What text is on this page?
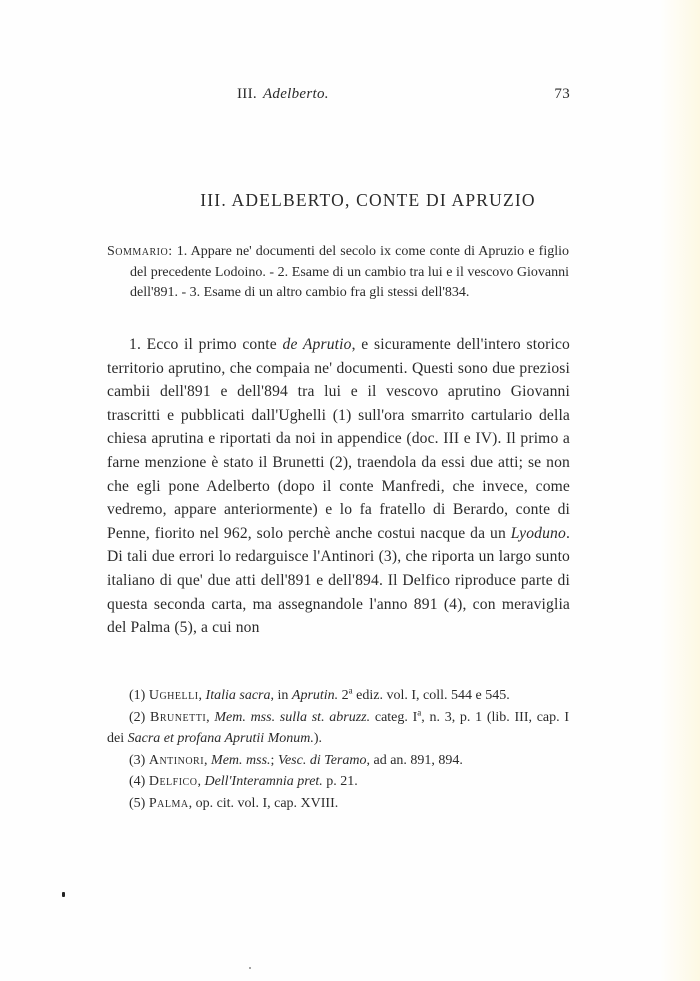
III. Adelberto.	73
III. ADELBERTO, CONTE DI APRUZIO

Sommario: 1. Appare ne' documenti del secolo ix come conte di Apruzio e figlio del precedente Lodoino. - 2. Esame di un cambio tra lui e il vescovo Giovanni dell'891. - 3. Esame di un altro cambio fra gli stessi dell'834.

1. Ecco il primo conte de Aprutio, e sicuramente dell'intero storico territorio aprutino, che compaia ne' documenti. Questi sono due preziosi cambii dell'891 e dell'894 tra lui e il vescovo aprutino Giovanni trascritti e pubblicati dall'Ughelli (1) sull'ora smarrito cartulario della chiesa aprutina e riportati da noi in appendice (doc. III e IV). Il primo a farne menzione è stato il Brunetti (2), traendola da essi due atti; se non che egli pone Adelberto (dopo il conte Manfredi, che invece, come vedremo, appare anteriormente) e lo fa fratello di Berardo, conte di Penne, fiorito nel 962, solo perchè anche costui nacque da un Lyoduno. Di tali due errori lo redarguisce l'Antinori (3), che riporta un largo sunto italiano di que' due atti dell'891 e dell'894. Il Delfico riproduce parte di questa seconda carta, ma assegnandole l'anno 891 (4), con meraviglia del Palma (5), a cui non

(1) Ughelli, Italia sacra, in Aprutin. 2$^a$ ediz. vol. I, coll. 544 e 545.

(2) Brunetti, Mem. mss. sulla st. abruzz. categ. $I^a$, n. 3, p. 1 (lib. III, cap. I dei Sacra et profana Aprutii Monum.).

(3) Antinori, Mem. mss.; Vesc. di Teramo, ad an. 891, 894.

(4) Delfico, Dell'Interamnia pret. p. 21.

(5) Palma, op. cit. vol. I, cap. XVIII.
